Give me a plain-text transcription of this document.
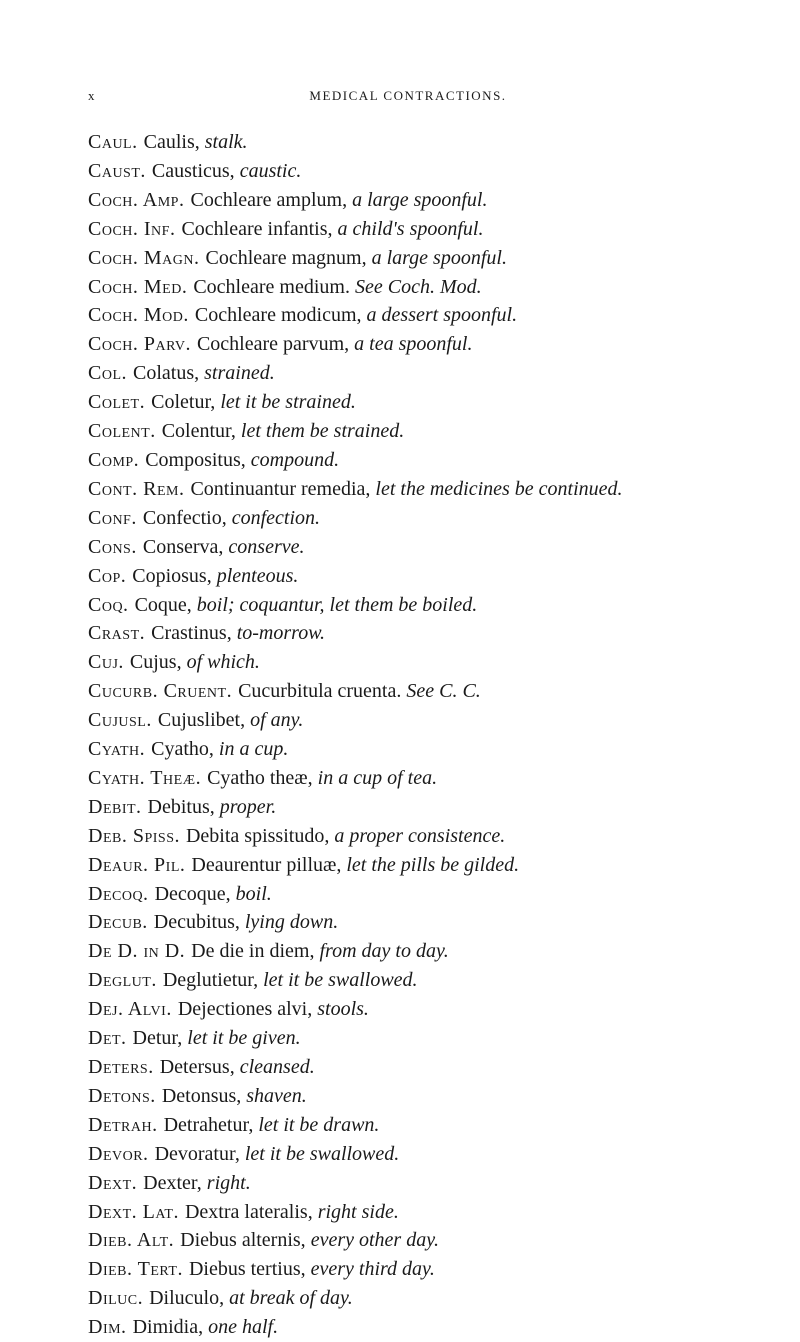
x	MEDICAL CONTRACTIONS.
Caul. Caulis, stalk.
Caust. Causticus, caustic.
Coch. Amp. Cochleare amplum, a large spoonful.
Coch. Inf. Cochleare infantis, a child's spoonful.
Coch. Magn. Cochleare magnum, a large spoonful.
Coch. Med. Cochleare medium. See Coch. Mod.
Coch. Mod. Cochleare modicum, a dessert spoonful.
Coch. Parv. Cochleare parvum, a tea spoonful.
Col. Colatus, strained.
Colet. Coletur, let it be strained.
Colent. Colentur, let them be strained.
Comp. Compositus, compound.
Cont. Rem. Continuantur remedia, let the medicines be continued.
Conf. Confectio, confection.
Cons. Conserva, conserve.
Cop. Copiosus, plenteous.
Coq. Coque, boil; coquantur, let them be boiled.
Crast. Crastinus, to-morrow.
Cuj. Cujus, of which.
Cucurb. Cruent. Cucurbitula cruenta. See C. C.
Cujusl. Cujuslibet, of any.
Cyath. Cyatho, in a cup.
Cyath. Theæ. Cyatho theæ, in a cup of tea.
Debit. Debitus, proper.
Deb. Spiss. Debita spissitudo, a proper consistence.
Deaur. Pil. Deaurentur pilluæ, let the pills be gilded.
Decoq. Decoque, boil.
Decub. Decubitus, lying down.
De D. in D. De die in diem, from day to day.
Deglut. Deglutietur, let it be swallowed.
Dej. Alvi. Dejectiones alvi, stools.
Det. Detur, let it be given.
Deters. Detersus, cleansed.
Detons. Detonsus, shaven.
Detrah. Detrahetur, let it be drawn.
Devor. Devoratur, let it be swallowed.
Dext. Dexter, right.
Dext. Lat. Dextra lateralis, right side.
Dieb. Alt. Diebus alternis, every other day.
Dieb. Tert. Diebus tertius, every third day.
Diluc. Diluculo, at break of day.
Dim. Dimidia, one half.
